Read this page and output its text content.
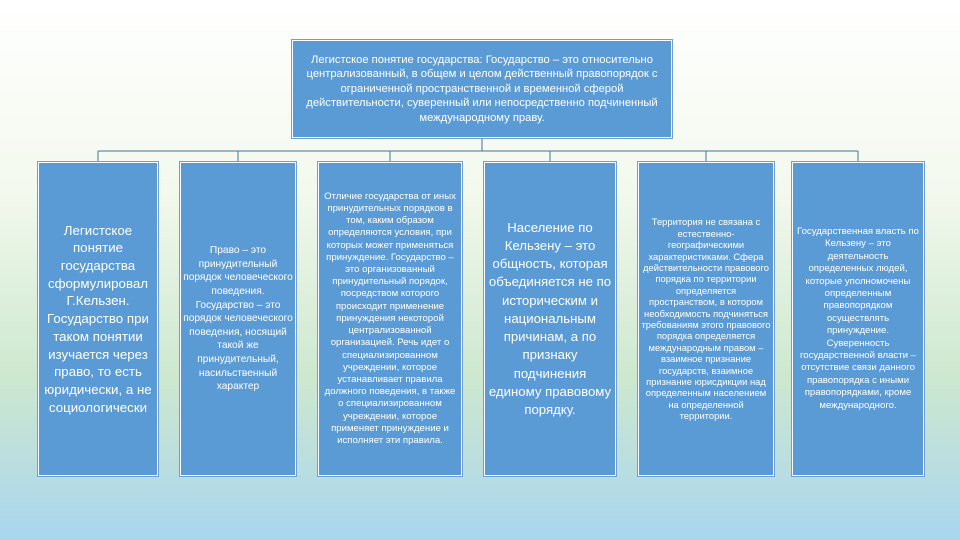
Легистское понятие государства: Государство – это относительно централизованный, в общем и целом действенный правопорядок с ограниченной пространственной и временной сферой действительности, суверенный или непосредственно подчиненный международному праву.
Легистское понятие государства сформулировал Г.Кельзен. Государство при таком понятии изучается через право, то есть юридически, а не социологически
Право – это принудительный порядок человеческого поведения. Государство – это порядок человеческого поведения, носящий такой же принудительный, насильственный характер
Отличие государства от иных принудительных порядков в том, каким образом определяются условия, при которых может применяться принуждение. Государство – это организованный принудительный порядок, посредством которого происходит применение принуждения некоторой централизованной организацией. Речь идет о специализированном учреждении, которое устанавливает правила должного поведения, в также о специализированном учреждении, которое применяет принуждение и исполняет эти правила.
Население по Кельзену – это общность, которая объединяется не по историческим и национальным причинам, а по признаку подчинения единому правовому порядку.
Территория не связана с естественно-географическими характеристиками. Сфера действительности правового порядка по территории определяется пространством, в котором необходимость подчиняться требованиям этого правового порядка определяется международным правом – взаимное признание государств, взаимное признание юрисдикции над определенным населением на определенной территории.
Государственная власть по Кельзену – это деятельность определенных людей, которые уполномочены определенным правопорядком осуществлять принуждение. Суверенность государственной власти – отсутствие связи данного правопорядка с иными правопорядками, кроме международного.
